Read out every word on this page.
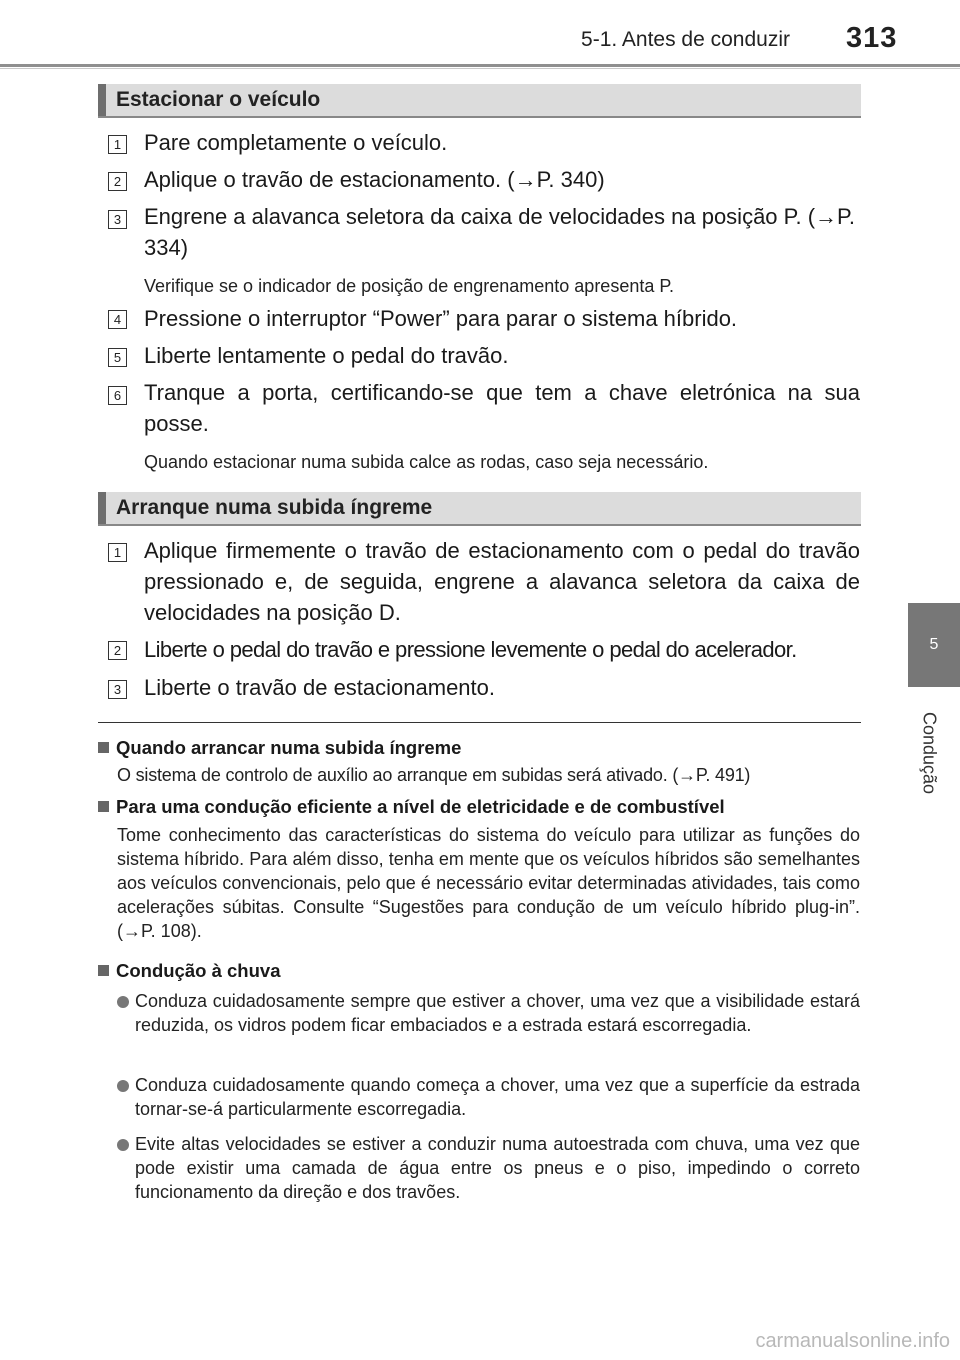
5-1. Antes de conduzir 313
5
Condução
Estacionar o veículo
1 Pare completamente o veículo.
2 Aplique o travão de estacionamento. (→P. 340)
3 Engrene a alavanca seletora da caixa de velocidades na posição P. (→P. 334)
Verifique se o indicador de posição de engrenamento apresenta P.
4 Pressione o interruptor “Power” para parar o sistema híbrido.
5 Liberte lentamente o pedal do travão.
6 Tranque a porta, certificando-se que tem a chave eletrónica na sua posse.
Quando estacionar numa subida calce as rodas, caso seja necessário.
Arranque numa subida íngreme
1 Aplique firmemente o travão de estacionamento com o pedal do travão pressionado e, de seguida, engrene a alavanca seletora da caixa de velocidades na posição D.
2 Liberte o pedal do travão e pressione levemente o pedal do acelerador.
3 Liberte o travão de estacionamento.
Quando arrancar numa subida íngreme
O sistema de controlo de auxílio ao arranque em subidas será ativado. (→P. 491)
Para uma condução eficiente a nível de eletricidade e de combustível
Tome conhecimento das características do sistema do veículo para utilizar as funções do sistema híbrido. Para além disso, tenha em mente que os veículos híbridos são semelhantes aos veículos convencionais, pelo que é necessário evitar determinadas atividades, tais como acelerações súbitas. Consulte “Sugestões para condução de um veículo híbrido plug-in”. (→P. 108).
Condução à chuva
Conduza cuidadosamente sempre que estiver a chover, uma vez que a visibilidade estará reduzida, os vidros podem ficar embaciados e a estrada estará escorregadia.
Conduza cuidadosamente quando começa a chover, uma vez que a superfície da estrada tornar-se-á particularmente escorregadia.
Evite altas velocidades se estiver a conduzir numa autoestrada com chuva, uma vez que pode existir uma camada de água entre os pneus e o piso, impedindo o correto funcionamento da direção e dos travões.
carmanualsonline.info
